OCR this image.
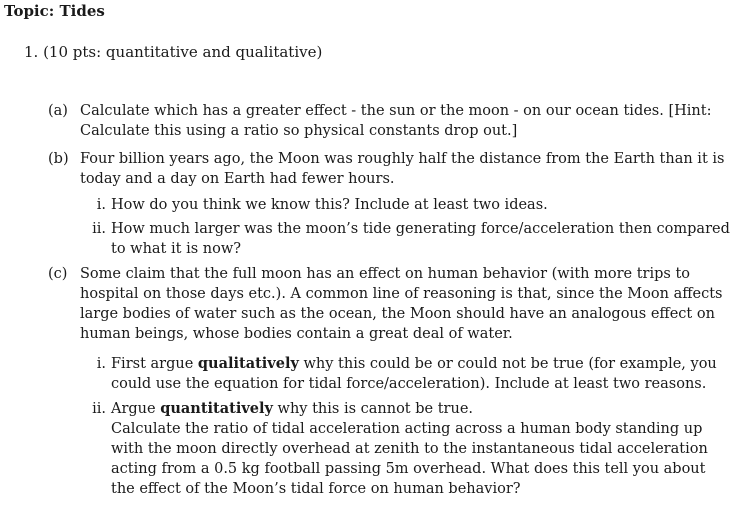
Topic: Tides
1. (10 pts: quantitative and qualitative)
(a) Calculate which has a greater effect - the sun or the moon - on our ocean tides. [Hint: Calculate this using a ratio so physical constants drop out.]
(b) Four billion years ago, the Moon was roughly half the distance from the Earth than it is today and a day on Earth had fewer hours.
i. How do you think we know this? Include at least two ideas.
ii. How much larger was the moon’s tide generating force/acceleration then compared to what it is now?
(c) Some claim that the full moon has an effect on human behavior (with more trips to hospital on those days etc.). A common line of reasoning is that, since the Moon affects large bodies of water such as the ocean, the Moon should have an analogous effect on human beings, whose bodies contain a great deal of water.
i. First argue qualitatively why this could be or could not be true (for example, you could use the equation for tidal force/acceleration). Include at least two reasons.
ii. Argue quantitatively why this is cannot be true.
Calculate the ratio of tidal acceleration acting across a human body standing up with the moon directly overhead at zenith to the instantaneous tidal acceleration acting from a 0.5 kg football passing 5m overhead. What does this tell you about the effect of the Moon’s tidal force on human behavior?
